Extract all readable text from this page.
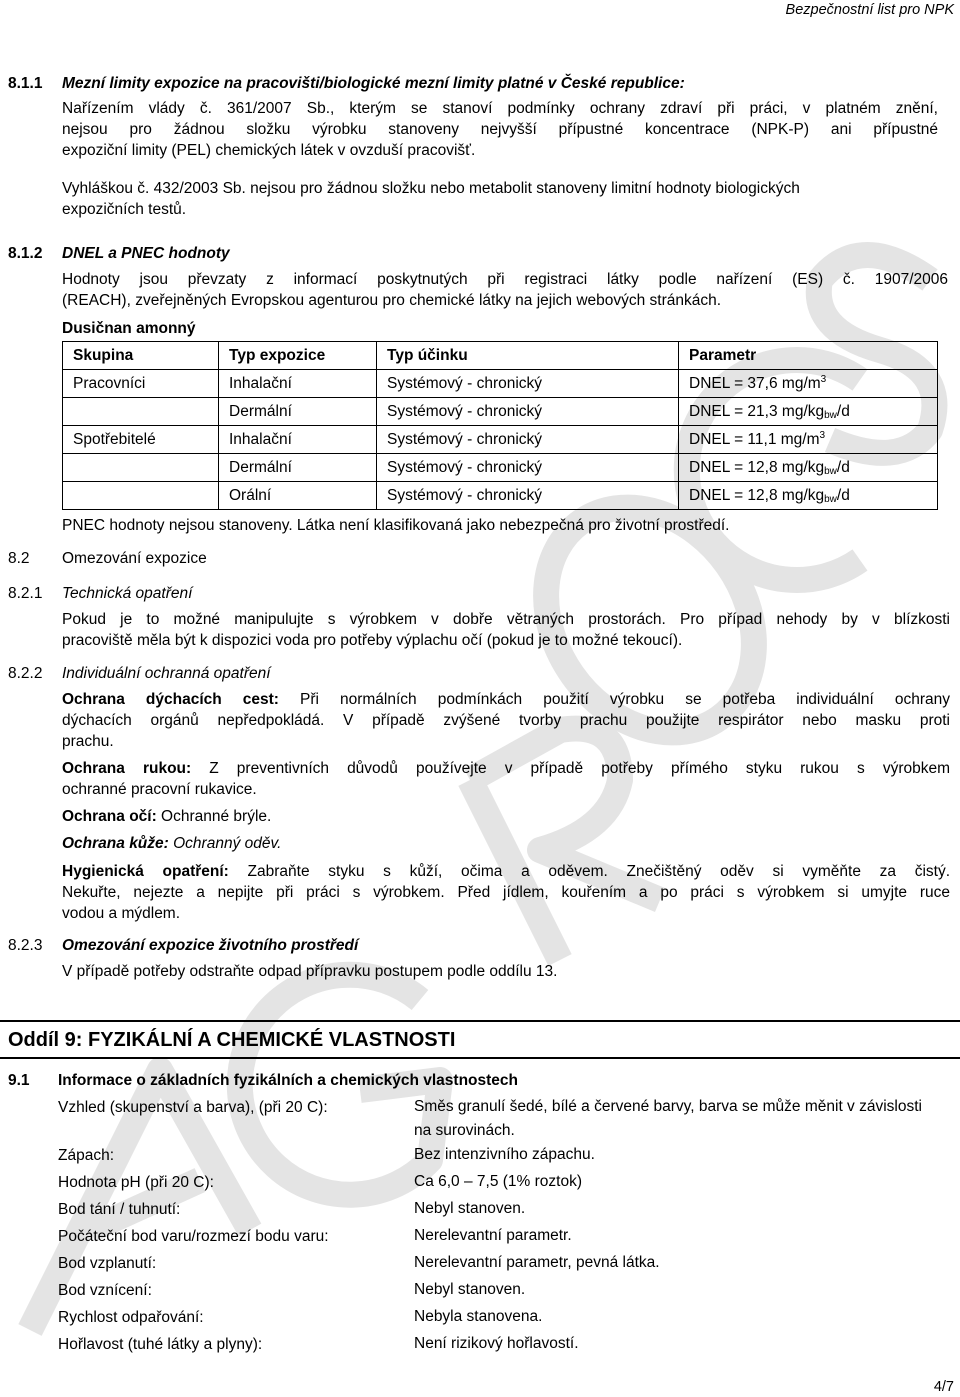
Bezpečnostní list pro NPK
8.1.1 Mezní limity expozice na pracovišti/biologické mezní limity platné v České republice:
Nařízením vlády č. 361/2007 Sb., kterým se stanoví podmínky ochrany zdraví při práci, v platném znění,
nejsou pro žádnou složku výrobku stanoveny nejvyšší přípustné koncentrace (NPK-P) ani přípustné
expoziční limity (PEL) chemických látek v ovzduší pracovišť.
Vyhláškou č. 432/2003 Sb. nejsou pro žádnou složku nebo metabolit stanoveny limitní hodnoty biologických
expozičních testů.
8.1.2 DNEL a PNEC hodnoty
Hodnoty jsou převzaty z informací poskytnutých při registraci látky podle nařízení (ES) č. 1907/2006
(REACH), zveřejněných Evropskou agenturou pro chemické látky na jejich webových stránkách.
Dusičnan amonný
Skupina	Typ expozice	Typ účinku	Parametr
Pracovníci	Inhalační	Systémový - chronický	DNEL = 37,6 $mg/m^3$
	Dermální	Systémový - chronický	DNEL = 21,3 $mg/kg_{bw}/d$
Spotřebitelé	Inhalační	Systémový - chronický	DNEL = 11,1 $mg/m^3$
	Dermální	Systémový - chronický	DNEL = 12,8 $mg/kg_{bw}/d$
	Orální	Systémový - chronický	DNEL = 12,8 $mg/kg_{bw}/d$
PNEC hodnoty nejsou stanoveny. Látka není klasifikovaná jako nebezpečná pro životní prostředí.
8.2 Omezování expozice
8.2.1 Technická opatření
Pokud je to možné manipulujte s výrobkem v dobře větraných prostorách. Pro případ nehody by v blízkosti
pracoviště měla být k dispozici voda pro potřeby výplachu očí (pokud je to možné tekoucí).
8.2.2 Individuální ochranná opatření
Ochrana dýchacích cest: Při normálních podmínkách použití výrobku se potřeba individuální ochrany
dýchacích orgánů nepředpokládá. V případě zvýšené tvorby prachu použijte respirátor nebo masku proti
prachu.
Ochrana rukou: Z preventivních důvodů používejte v případě potřeby přímého styku rukou s výrobkem
ochranné pracovní rukavice.
Ochrana očí: Ochranné brýle.
Ochrana kůže: Ochranný oděv.
Hygienická opatření: Zabraňte styku s kůží, očima a oděvem. Znečištěný oděv si vyměňte za čistý.
Nekuřte, nejezte a nepijte při práci s výrobkem. Před jídlem, kouřením a po práci s výrobkem si umyjte ruce
vodou a mýdlem.
8.2.3 Omezování expozice životního prostředí
V případě potřeby odstraňte odpad přípravku postupem podle oddílu 13.
Oddíl 9: FYZIKÁLNÍ A CHEMICKÉ VLASTNOSTI
9.1 Informace o základních fyzikálních a chemických vlastnostech
Vzhled (skupenství a barva), (při 20 C):	Směs granulí šedé, bílé a červené barvy, barva se může měnit v závislosti na surovinách.
Zápach:	Bez intenzivního zápachu.
Hodnota pH (při 20 C):	Ca 6,0 – 7,5 (1% roztok)
Bod tání / tuhnutí:	Nebyl stanoven.
Počáteční bod varu/rozmezí bodu varu:	Nerelevantní parametr.
Bod vzplanutí:	Nerelevantní parametr, pevná látka.
Bod vznícení:	Nebyl stanoven.
Rychlost odpařování:	Nebyla stanovena.
Hořlavost (tuhé látky a plyny):	Není rizikový hořlavostí.
4/7
